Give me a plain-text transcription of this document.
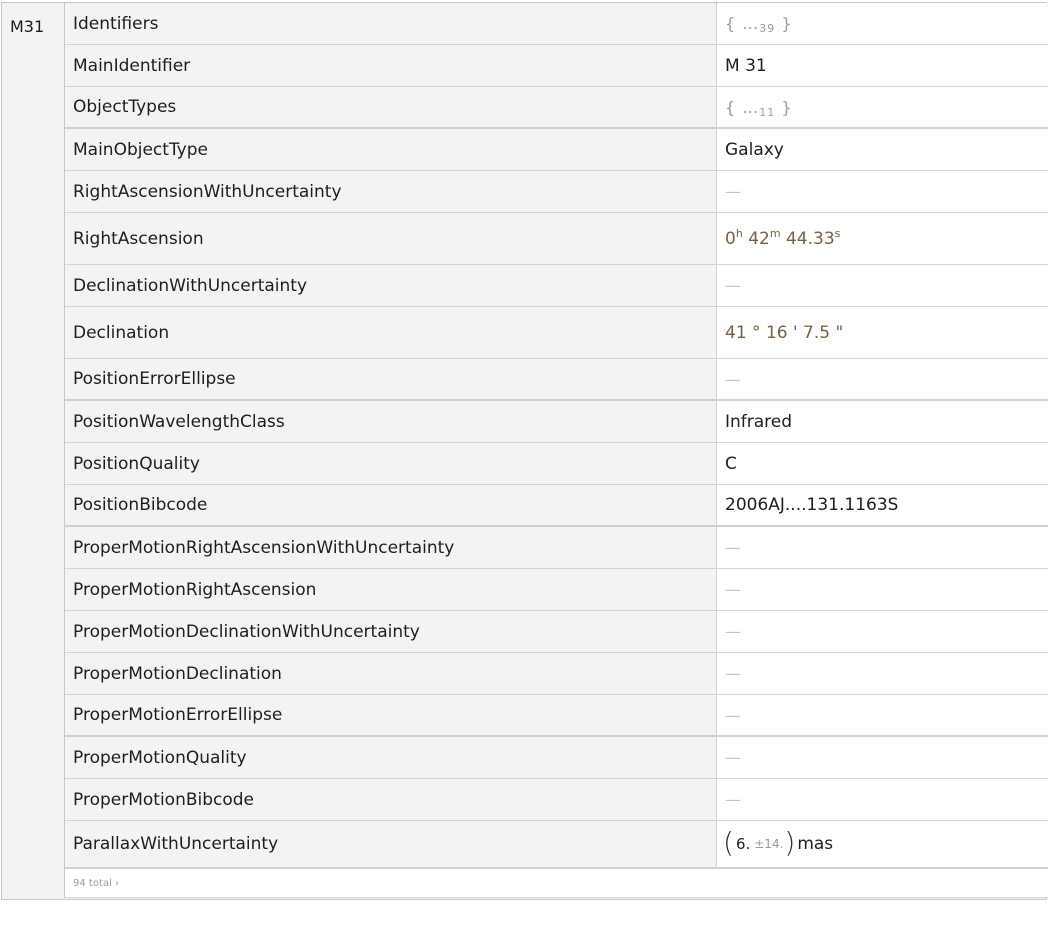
M31	Identifiers	{ …39 }
MainIdentifier	M 31
ObjectTypes	{ …11 }
MainObjectType	Galaxy
RightAscensionWithUncertainty	—
RightAscension	0$^h$ 42$^m$ 44.33$^s$
DeclinationWithUncertainty	—
Declination	41 ° 16 ' 7.5 "
PositionErrorEllipse	—
PositionWavelengthClass	Infrared
PositionQuality	C
PositionBibcode	2006AJ....131.1163S
ProperMotionRightAscensionWithUncertainty	—
ProperMotionRightAscension	—
ProperMotionDeclinationWithUncertainty	—
ProperMotionDeclination	—
ProperMotionErrorEllipse	—
ProperMotionQuality	—
ProperMotionBibcode	—
ParallaxWithUncertainty	( 6. ±14. ) mas
94 total ›
